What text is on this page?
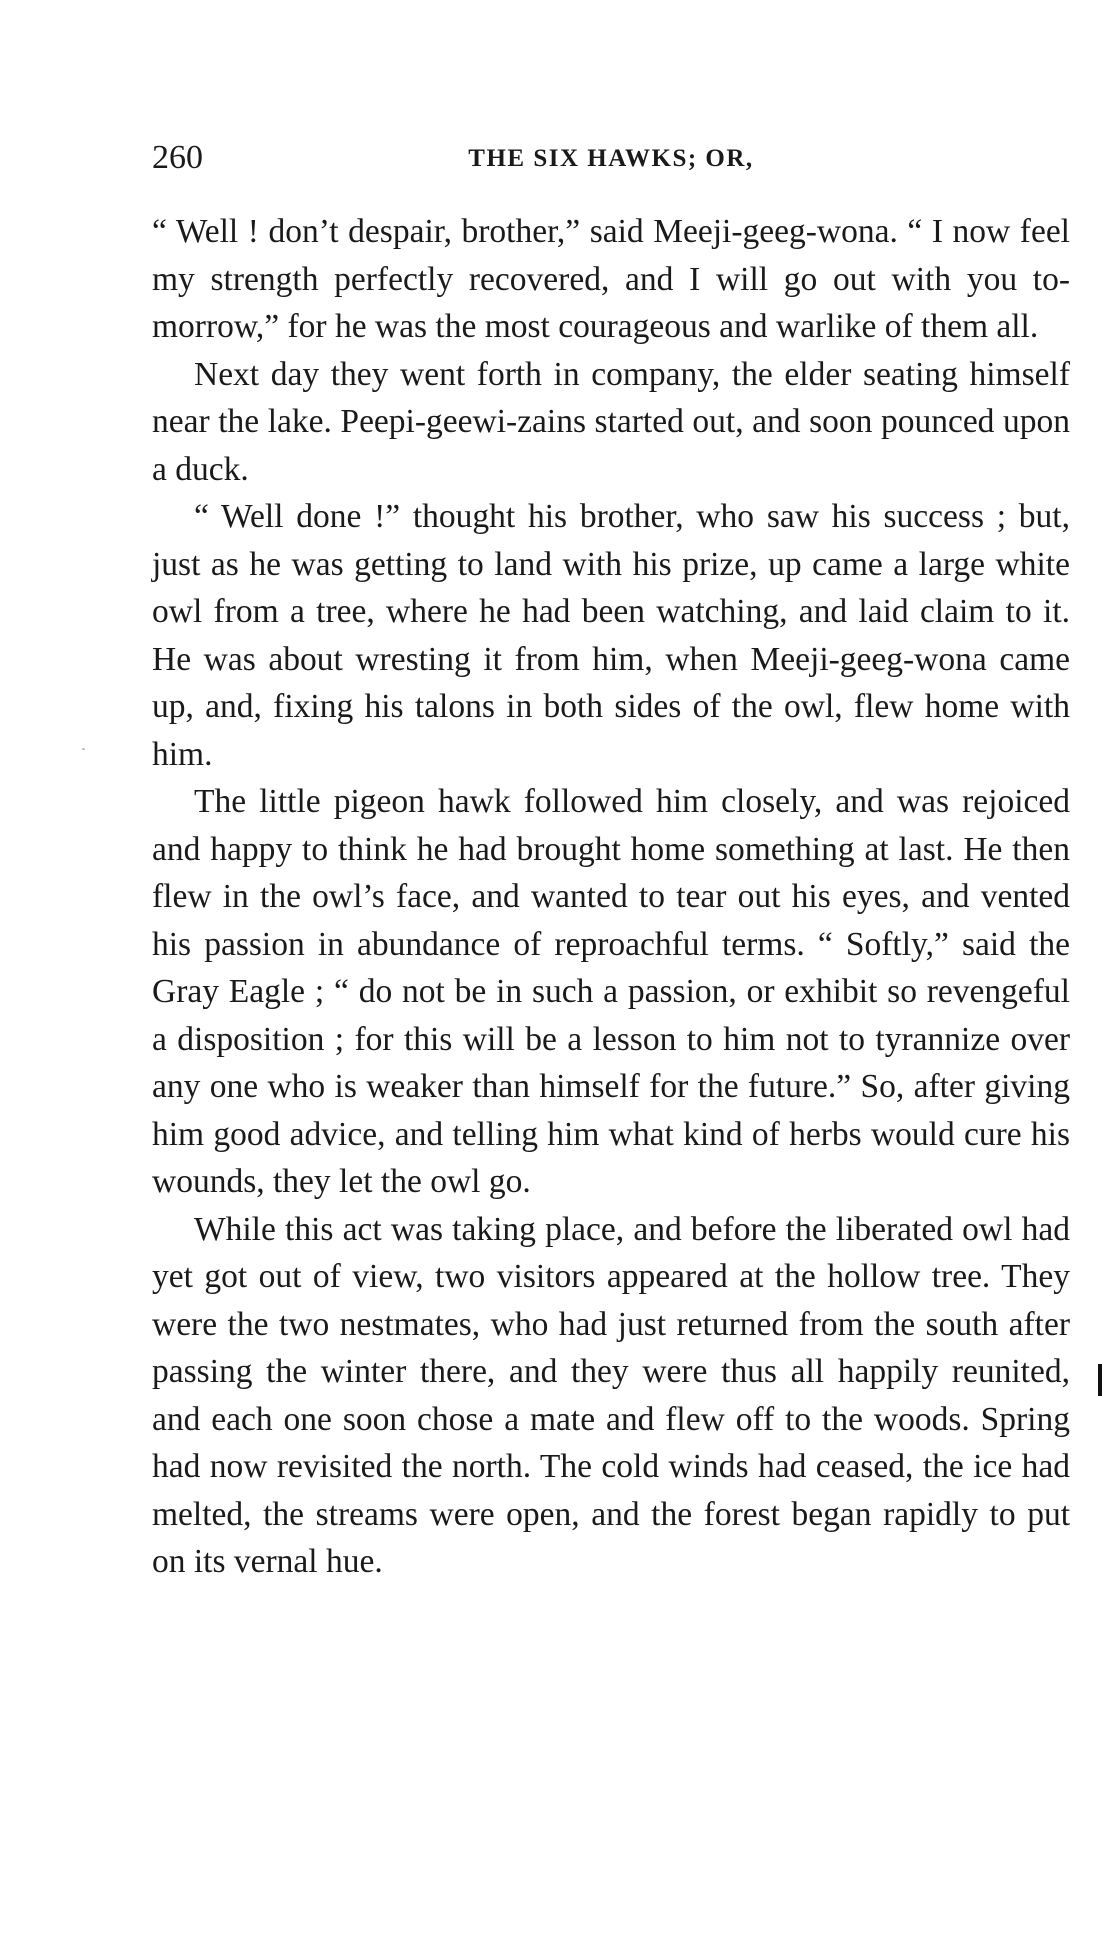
260	THE SIX HAWKS; OR,

“ Well ! don’t despair, brother,” said Meeji-geeg-wona. “ I now feel my strength perfectly recovered, and I will go out with you to-morrow,” for he was the most courageous and warlike of them all.

Next day they went forth in company, the elder seating himself near the lake. Peepi-geewi-zains started out, and soon pounced upon a duck.

“ Well done !” thought his brother, who saw his success ; but, just as he was getting to land with his prize, up came a large white owl from a tree, where he had been watching, and laid claim to it. He was about wresting it from him, when Meeji-geeg-wona came up, and, fixing his talons in both sides of the owl, flew home with him.

The little pigeon hawk followed him closely, and was rejoiced and happy to think he had brought home something at last. He then flew in the owl’s face, and wanted to tear out his eyes, and vented his passion in abundance of reproachful terms. “ Softly,” said the Gray Eagle ; “ do not be in such a passion, or exhibit so revengeful a disposition ; for this will be a lesson to him not to tyrannize over any one who is weaker than himself for the future.” So, after giving him good advice, and telling him what kind of herbs would cure his wounds, they let the owl go.

While this act was taking place, and before the liberated owl had yet got out of view, two visitors appeared at the hollow tree. They were the two nestmates, who had just returned from the south after passing the winter there, and they were thus all happily reunited, and each one soon chose a mate and flew off to the woods. Spring had now revisited the north. The cold winds had ceased, the ice had melted, the streams were open, and the forest began rapidly to put on its vernal hue.
